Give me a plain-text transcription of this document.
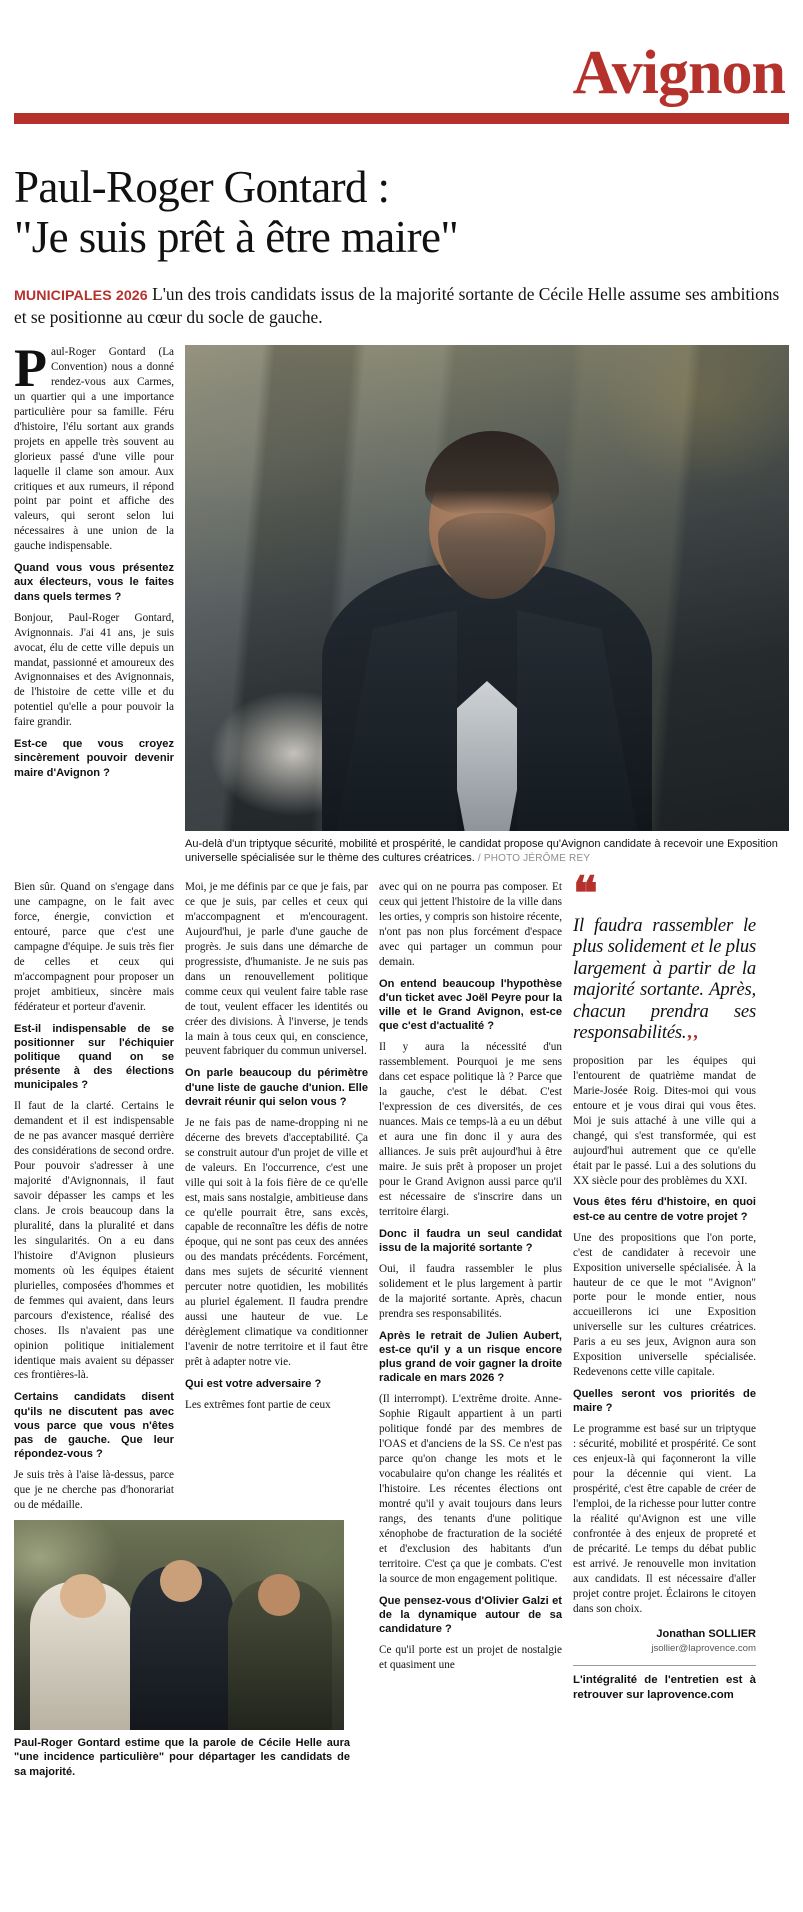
Avignon
Paul-Roger Gontard :
"Je suis prêt à être maire"

MUNICIPALES 2026 L'un des trois candidats issus de la majorité sortante de Cécile Helle assume ses ambitions et se positionne au cœur du socle de gauche.

Paul-Roger Gontard (La Convention) nous a donné rendez-vous aux Carmes, un quartier qui a une importance particulière pour sa famille. Féru d'histoire, l'élu sortant aux grands projets en appelle très souvent au glorieux passé d'une ville pour laquelle il clame son amour. Aux critiques et aux rumeurs, il répond point par point et affiche des valeurs, qui seront selon lui nécessaires à une union de la gauche indispensable.

Quand vous vous présentez aux électeurs, vous le faites dans quels termes ?

Bonjour, Paul-Roger Gontard, Avignonnais. J'ai 41 ans, je suis avocat, élu de cette ville depuis un mandat, passionné et amoureux des Avignonnaises et des Avignonnais, de l'histoire de cette ville et du potentiel qu'elle a pour pouvoir la faire grandir.

Est-ce que vous croyez sincèrement pouvoir devenir maire d'Avignon ?

Au-delà d'un triptyque sécurité, mobilité et prospérité, le candidat propose qu'Avignon candidate à recevoir une Exposition universelle spécialisée sur le thème des cultures créatrices. / PHOTO JÉRÔME REY

Bien sûr. Quand on s'engage dans une campagne, on le fait avec force, énergie, conviction et entouré, parce que c'est une campagne d'équipe. Je suis très fier de celles et ceux qui m'accompagnent pour proposer un projet ambitieux, sincère mais fédérateur et porteur d'avenir.

Est-il indispensable de se positionner sur l'échiquier politique quand on se présente à des élections municipales ?

Il faut de la clarté. Certains le demandent et il est indispensable de ne pas avancer masqué derrière des considérations de second ordre. Pour pouvoir s'adresser à une majorité d'Avignonnais, il faut savoir dépasser les camps et les clans. Je crois beaucoup dans la pluralité, dans la pluralité et dans les singularités. On a eu dans l'histoire d'Avignon plusieurs moments où les équipes étaient plurielles, composées d'hommes et de femmes qui avaient, dans leurs parcours d'existence, réalisé des choses. Ils n'avaient pas une opinion politique initialement identique mais avaient su dépasser ces frontières-là.

Certains candidats disent qu'ils ne discutent pas avec vous parce que vous n'êtes pas de gauche. Que leur répondez-vous ?

Je suis très à l'aise là-dessus, parce que je ne cherche pas d'honorariat ou de médaille.

Paul-Roger Gontard estime que la parole de Cécile Helle aura "une incidence particulière" pour départager les candidats de sa majorité.

Moi, je me définis par ce que je fais, par ce que je suis, par celles et ceux qui m'accompagnent et m'encouragent. Aujourd'hui, je parle d'une gauche de progrès. Je suis dans une démarche de progressiste, d'humaniste. Je ne suis pas dans un renouvellement politique comme ceux qui veulent faire table rase de tout, veulent effacer les identités ou créer des divisions. À l'inverse, je tends la main à tous ceux qui, en conscience, peuvent fabriquer du commun universel.

On parle beaucoup du périmètre d'une liste de gauche d'union. Elle devrait réunir qui selon vous ?

Je ne fais pas de name-dropping ni ne décerne des brevets d'acceptabilité. Ça se construit autour d'un projet de ville et de valeurs. En l'occurrence, c'est une ville qui soit à la fois fière de ce qu'elle est, mais sans nostalgie, ambitieuse dans ce qu'elle pourrait être, sans excès, capable de reconnaître les défis de notre époque, qui ne sont pas ceux des années ou des mandats précédents. Forcément, dans mes sujets de sécurité viennent percuter notre quotidien, les mobilités au pluriel également. Il faudra prendre aussi une hauteur de vue. Le dérèglement climatique va conditionner l'avenir de notre territoire et il faut être prêt à adapter notre vie.

Qui est votre adversaire ?

Les extrêmes font partie de ceux

avec qui on ne pourra pas composer. Et ceux qui jettent l'histoire de la ville dans les orties, y compris son histoire récente, n'ont pas non plus forcément d'espace avec qui partager un commun pour demain.

On entend beaucoup l'hypothèse d'un ticket avec Joël Peyre pour la ville et le Grand Avignon, est-ce que c'est d'actualité ?

Il y aura la nécessité d'un rassemblement. Pourquoi je me sens dans cet espace politique là ? Parce que la gauche, c'est le débat. C'est l'expression de ces diversités, de ces nuances. Mais ce temps-là a eu un début et aura une fin donc il y aura des alliances. Je suis prêt aujourd'hui à être maire. Je suis prêt à proposer un projet pour le Grand Avignon aussi parce qu'il est nécessaire de s'inscrire dans un territoire élargi.

Donc il faudra un seul candidat issu de la majorité sortante ?

Oui, il faudra rassembler le plus solidement et le plus largement à partir de la majorité sortante. Après, chacun prendra ses responsabilités.

Après le retrait de Julien Aubert, est-ce qu'il y a un risque encore plus grand de voir gagner la droite radicale en mars 2026 ?

(Il interrompt). L'extrême droite. Anne-Sophie Rigault appartient à un parti politique fondé par des membres de l'OAS et d'anciens de la SS. Ce n'est pas parce qu'on change les mots et le vocabulaire qu'on change les réalités et l'histoire. Les récentes élections ont montré qu'il y avait toujours dans leurs rangs, des tenants d'une politique xénophobe de fracturation de la société et d'exclusion des habitants d'un territoire. C'est ça que je combats. C'est la source de mon engagement politique.

Que pensez-vous d'Olivier Galzi et de la dynamique autour de sa candidature ?

Ce qu'il porte est un projet de nostalgie et quasiment une

❝
Il faudra rassembler le plus solidement et le plus largement à partir de la majorité sortante. Après, chacun prendra ses responsabilités.‚‚

proposition par les équipes qui l'entourent de quatrième mandat de Marie-Josée Roig. Dites-moi qui vous entoure et je vous dirai qui vous êtes. Moi je suis attaché à une ville qui a changé, qui s'est transformée, qui est aujourd'hui autrement que ce qu'elle était par le passé. Lui a des solutions du XX siècle pour des problèmes du XXI.

Vous êtes féru d'histoire, en quoi est-ce au centre de votre projet ?

Une des propositions que l'on porte, c'est de candidater à recevoir une Exposition universelle spécialisée. À la hauteur de ce que le mot "Avignon" porte pour le monde entier, nous accueillerons ici une Exposition universelle sur les cultures créatrices. Paris a eu ses jeux, Avignon aura son Exposition universelle spécialisée. Redevenons cette ville capitale.

Quelles seront vos priorités de maire ?

Le programme est basé sur un triptyque : sécurité, mobilité et prospérité. Ce sont ces enjeux-là qui façonneront la ville pour la décennie qui vient. La prospérité, c'est être capable de créer de l'emploi, de la richesse pour lutter contre la réalité qu'Avignon est une ville confrontée à des enjeux de propreté et de précarité. Le temps du débat public est arrivé. Je renouvelle mon invitation aux candidats. Il est nécessaire d'aller projet contre projet. Éclairons le citoyen dans son choix.

Jonathan SOLLIER
jsollier@laprovence.com
L'intégralité de l'entretien est à retrouver sur laprovence.com
